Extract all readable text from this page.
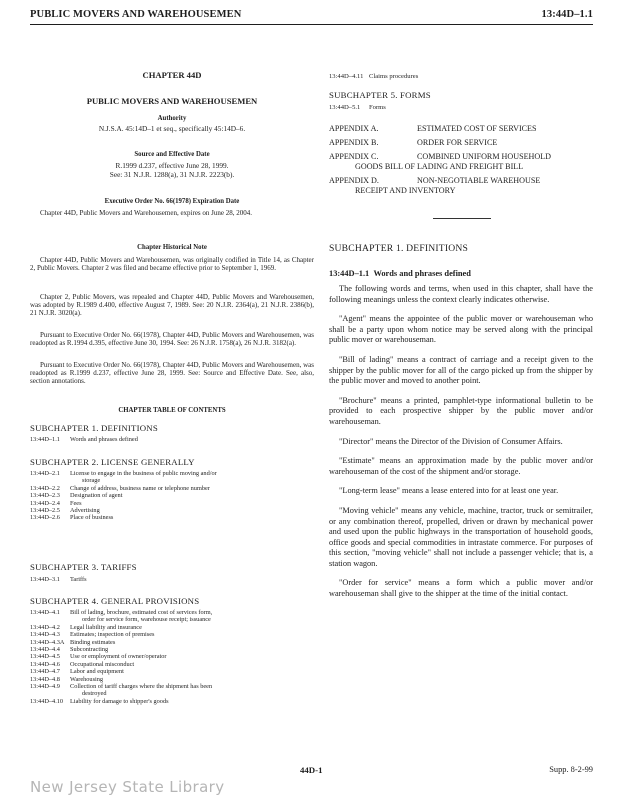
PUBLIC MOVERS AND WAREHOUSEMEN	13:44D–1.1
CHAPTER 44D
PUBLIC MOVERS AND WAREHOUSEMEN
Authority
N.J.S.A. 45:14D–1 et seq., specifically 45:14D–6.
Source and Effective Date
R.1999 d.237, effective June 28, 1999.
See: 31 N.J.R. 1288(a), 31 N.J.R. 2223(b).
Executive Order No. 66(1978) Expiration Date
Chapter 44D, Public Movers and Warehousemen, expires on June 28, 2004.
Chapter Historical Note
Chapter 44D, Public Movers and Warehousemen, was originally codified in Title 14, as Chapter 2, Public Movers. Chapter 2 was filed and became effective prior to September 1, 1969.
Chapter 2, Public Movers, was repealed and Chapter 44D, Public Movers and Warehousemen, was adopted by R.1989 d.400, effective August 7, 1989. See: 20 N.J.R. 2364(a), 21 N.J.R. 2386(b), 21 N.J.R. 3020(a).
Pursuant to Executive Order No. 66(1978), Chapter 44D, Public Movers and Warehousemen, was readopted as R.1994 d.395, effective June 30, 1994. See: 26 N.J.R. 1758(a), 26 N.J.R. 3182(a).
Pursuant to Executive Order No. 66(1978), Chapter 44D, Public Movers and Warehousemen, was readopted as R.1999 d.237, effective June 28, 1999. See: Source and Effective Date. See, also, section annotations.
CHAPTER TABLE OF CONTENTS
SUBCHAPTER 1. DEFINITIONS
13:44D–1.1	Words and phrases defined
SUBCHAPTER 2. LICENSE GENERALLY
13:44D–2.1	License to engage in the business of public moving and/or
storage
13:44D–2.2	Change of address, business name or telephone number
13:44D–2.3	Designation of agent
13:44D–2.4	Fees
13:44D–2.5	Advertising
13:44D–2.6	Place of business
SUBCHAPTER 3. TARIFFS
13:44D–3.1	Tariffs
SUBCHAPTER 4. GENERAL PROVISIONS
13:44D–4.1	Bill of lading, brochure, estimated cost of services form,
order for service form, warehouse receipt; issuance
13:44D–4.2	Legal liability and insurance
13:44D–4.3	Estimates; inspection of premises
13:44D–4.3A Binding estimates
13:44D–4.4	Subcontracting
13:44D–4.5	Use or employment of owner/operator
13:44D–4.6	Occupational misconduct
13:44D–4.7	Labor and equipment
13:44D–4.8	Warehousing
13:44D–4.9	Collection of tariff charges where the shipment has been
destroyed
13:44D–4.10	Liability for damage to shipper's goods
13:44D–4.11 Claims procedures
SUBCHAPTER 5. FORMS
13:44D–5.1	Forms
APPENDIX A.	ESTIMATED COST OF SERVICES
APPENDIX B.	ORDER FOR SERVICE
APPENDIX C.	COMBINED UNIFORM HOUSEHOLD
GOODS BILL OF LADING AND FREIGHT BILL
APPENDIX D.	NON-NEGOTIABLE WAREHOUSE
RECEIPT AND INVENTORY
SUBCHAPTER 1. DEFINITIONS
13:44D–1.1 Words and phrases defined
The following words and terms, when used in this chapter, shall have the following meanings unless the context clearly indicates otherwise.
"Agent" means the appointee of the public mover or warehouseman who shall be a party upon whom notice may be served along with the principal public mover or warehouseman.
"Bill of lading" means a contract of carriage and a receipt given to the shipper by the public mover for all of the cargo picked up from the shipper by the public mover and moved to another point.
"Brochure" means a printed, pamphlet-type informational bulletin to be provided to each prospective shipper by the public mover and/or warehouseman.
"Director" means the Director of the Division of Consumer Affairs.
"Estimate" means an approximation made by the public mover and/or warehouseman of the cost of the shipment and/or storage.
"Long-term lease" means a lease entered into for at least one year.
"Moving vehicle" means any vehicle, machine, tractor, truck or semitrailer, or any combination thereof, propelled, driven or drawn by mechanical power and used upon the public highways in the transportation of household goods, office goods and special commodities in intrastate commerce. For purposes of this section, "moving vehicle" shall not include a passenger vehicle; that is, a station wagon.
"Order for service" means a form which a public mover and/or warehouseman shall give to the shipper at the time of the initial contact.
44D-1	Supp. 8-2-99
New Jersey State Library
